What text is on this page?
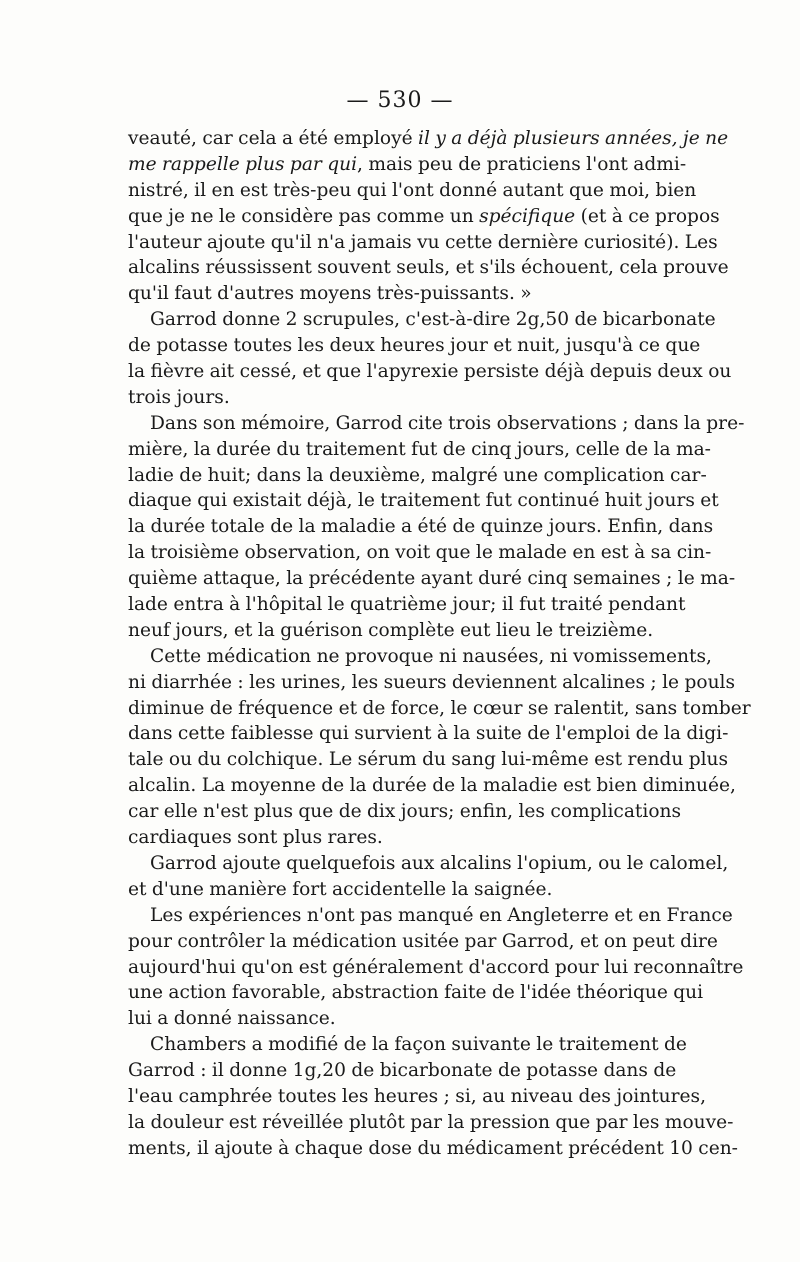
— 530 —
veauté, car cela a été employé il y a déjà plusieurs années, je ne
me rappelle plus par qui, mais peu de praticiens l'ont admi-
nistré, il en est très-peu qui l'ont donné autant que moi, bien
que je ne le considère pas comme un spécifique (et à ce propos
l'auteur ajoute qu'il n'a jamais vu cette dernière curiosité). Les
alcalins réussissent souvent seuls, et s'ils échouent, cela prouve
qu'il faut d'autres moyens très-puissants. »
Garrod donne 2 scrupules, c'est-à-dire 2g,50 de bicarbonate
de potasse toutes les deux heures jour et nuit, jusqu'à ce que
la fièvre ait cessé, et que l'apyrexie persiste déjà depuis deux ou
trois jours.
Dans son mémoire, Garrod cite trois observations ; dans la pre-
mière, la durée du traitement fut de cinq jours, celle de la ma-
ladie de huit; dans la deuxième, malgré une complication car-
diaque qui existait déjà, le traitement fut continué huit jours et
la durée totale de la maladie a été de quinze jours. Enfin, dans
la troisième observation, on voit que le malade en est à sa cin-
quième attaque, la précédente ayant duré cinq semaines ; le ma-
lade entra à l'hôpital le quatrième jour; il fut traité pendant
neuf jours, et la guérison complète eut lieu le treizième.
Cette médication ne provoque ni nausées, ni vomissements,
ni diarrhée : les urines, les sueurs deviennent alcalines ; le pouls
diminue de fréquence et de force, le cœur se ralentit, sans tomber
dans cette faiblesse qui survient à la suite de l'emploi de la digi-
tale ou du colchique. Le sérum du sang lui-même est rendu plus
alcalin. La moyenne de la durée de la maladie est bien diminuée,
car elle n'est plus que de dix jours; enfin, les complications
cardiaques sont plus rares.
Garrod ajoute quelquefois aux alcalins l'opium, ou le calomel,
et d'une manière fort accidentelle la saignée.
Les expériences n'ont pas manqué en Angleterre et en France
pour contrôler la médication usitée par Garrod, et on peut dire
aujourd'hui qu'on est généralement d'accord pour lui reconnaître
une action favorable, abstraction faite de l'idée théorique qui
lui a donné naissance.
Chambers a modifié de la façon suivante le traitement de
Garrod : il donne 1g,20 de bicarbonate de potasse dans de
l'eau camphrée toutes les heures ; si, au niveau des jointures,
la douleur est réveillée plutôt par la pression que par les mouve-
ments, il ajoute à chaque dose du médicament précédent 10 cen-
